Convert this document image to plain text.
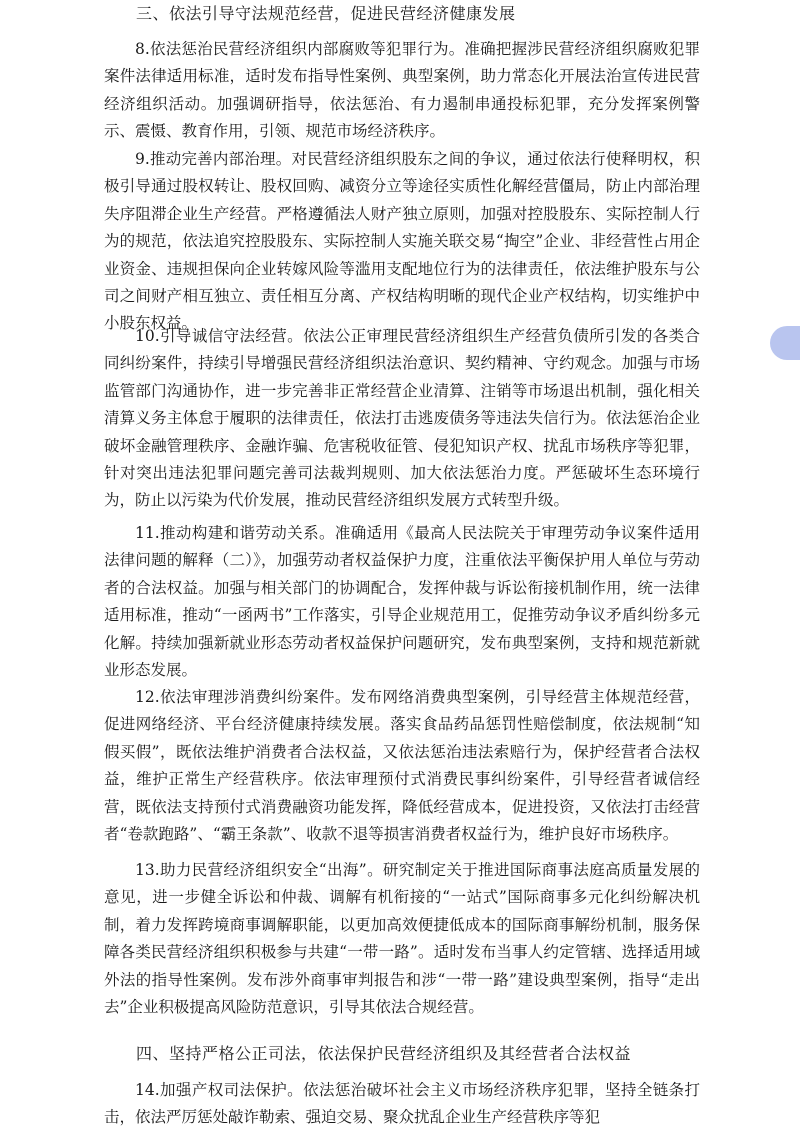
三、依法引导守法规范经营，促进民营经济健康发展

8.依法惩治民营经济组织内部腐败等犯罪行为。准确把握涉民营经济组织腐败犯罪案件法律适用标准，适时发布指导性案例、典型案例，助力常态化开展法治宣传进民营经济组织活动。加强调研指导，依法惩治、有力遏制串通投标犯罪，充分发挥案例警示、震慑、教育作用，引领、规范市场经济秩序。

9.推动完善内部治理。对民营经济组织股东之间的争议，通过依法行使释明权，积极引导通过股权转让、股权回购、减资分立等途径实质性化解经营僵局，防止内部治理失序阻滞企业生产经营。严格遵循法人财产独立原则，加强对控股股东、实际控制人行为的规范，依法追究控股股东、实际控制人实施关联交易“掏空”企业、非经营性占用企业资金、违规担保向企业转嫁风险等滥用支配地位行为的法律责任，依法维护股东与公司之间财产相互独立、责任相互分离、产权结构明晰的现代企业产权结构，切实维护中小股东权益。

10.引导诚信守法经营。依法公正审理民营经济组织生产经营负债所引发的各类合同纠纷案件，持续引导增强民营经济组织法治意识、契约精神、守约观念。加强与市场监管部门沟通协作，进一步完善非正常经营企业清算、注销等市场退出机制，强化相关清算义务主体怠于履职的法律责任，依法打击逃废债务等违法失信行为。依法惩治企业破坏金融管理秩序、金融诈骗、危害税收征管、侵犯知识产权、扰乱市场秩序等犯罪，针对突出违法犯罪问题完善司法裁判规则、加大依法惩治力度。严惩破坏生态环境行为，防止以污染为代价发展，推动民营经济组织发展方式转型升级。

11.推动构建和谐劳动关系。准确适用《最高人民法院关于审理劳动争议案件适用法律问题的解释（二）》，加强劳动者权益保护力度，注重依法平衡保护用人单位与劳动者的合法权益。加强与相关部门的协调配合，发挥仲裁与诉讼衔接机制作用，统一法律适用标准，推动“一函两书”工作落实，引导企业规范用工，促推劳动争议矛盾纠纷多元化解。持续加强新就业形态劳动者权益保护问题研究，发布典型案例，支持和规范新就业形态发展。

12.依法审理涉消费纠纷案件。发布网络消费典型案例，引导经营主体规范经营，促进网络经济、平台经济健康持续发展。落实食品药品惩罚性赔偿制度，依法规制“知假买假”，既依法维护消费者合法权益，又依法惩治违法索赔行为，保护经营者合法权益，维护正常生产经营秩序。依法审理预付式消费民事纠纷案件，引导经营者诚信经营，既依法支持预付式消费融资功能发挥，降低经营成本，促进投资，又依法打击经营者“卷款跑路”、“霸王条款”、收款不退等损害消费者权益行为，维护良好市场秩序。

13.助力民营经济组织安全“出海”。研究制定关于推进国际商事法庭高质量发展的意见，进一步健全诉讼和仲裁、调解有机衔接的“一站式”国际商事多元化纠纷解决机制，着力发挥跨境商事调解职能，以更加高效便捷低成本的国际商事解纷机制，服务保障各类民营经济组织积极参与共建“一带一路”。适时发布当事人约定管辖、选择适用域外法的指导性案例。发布涉外商事审判报告和涉“一带一路”建设典型案例，指导“走出去”企业积极提高风险防范意识，引导其依法合规经营。

四、坚持严格公正司法，依法保护民营经济组织及其经营者合法权益

14.加强产权司法保护。依法惩治破坏社会主义市场经济秩序犯罪，坚持全链条打击，依法严厉惩处敲诈勒索、强迫交易、聚众扰乱企业生产经营秩序等犯
